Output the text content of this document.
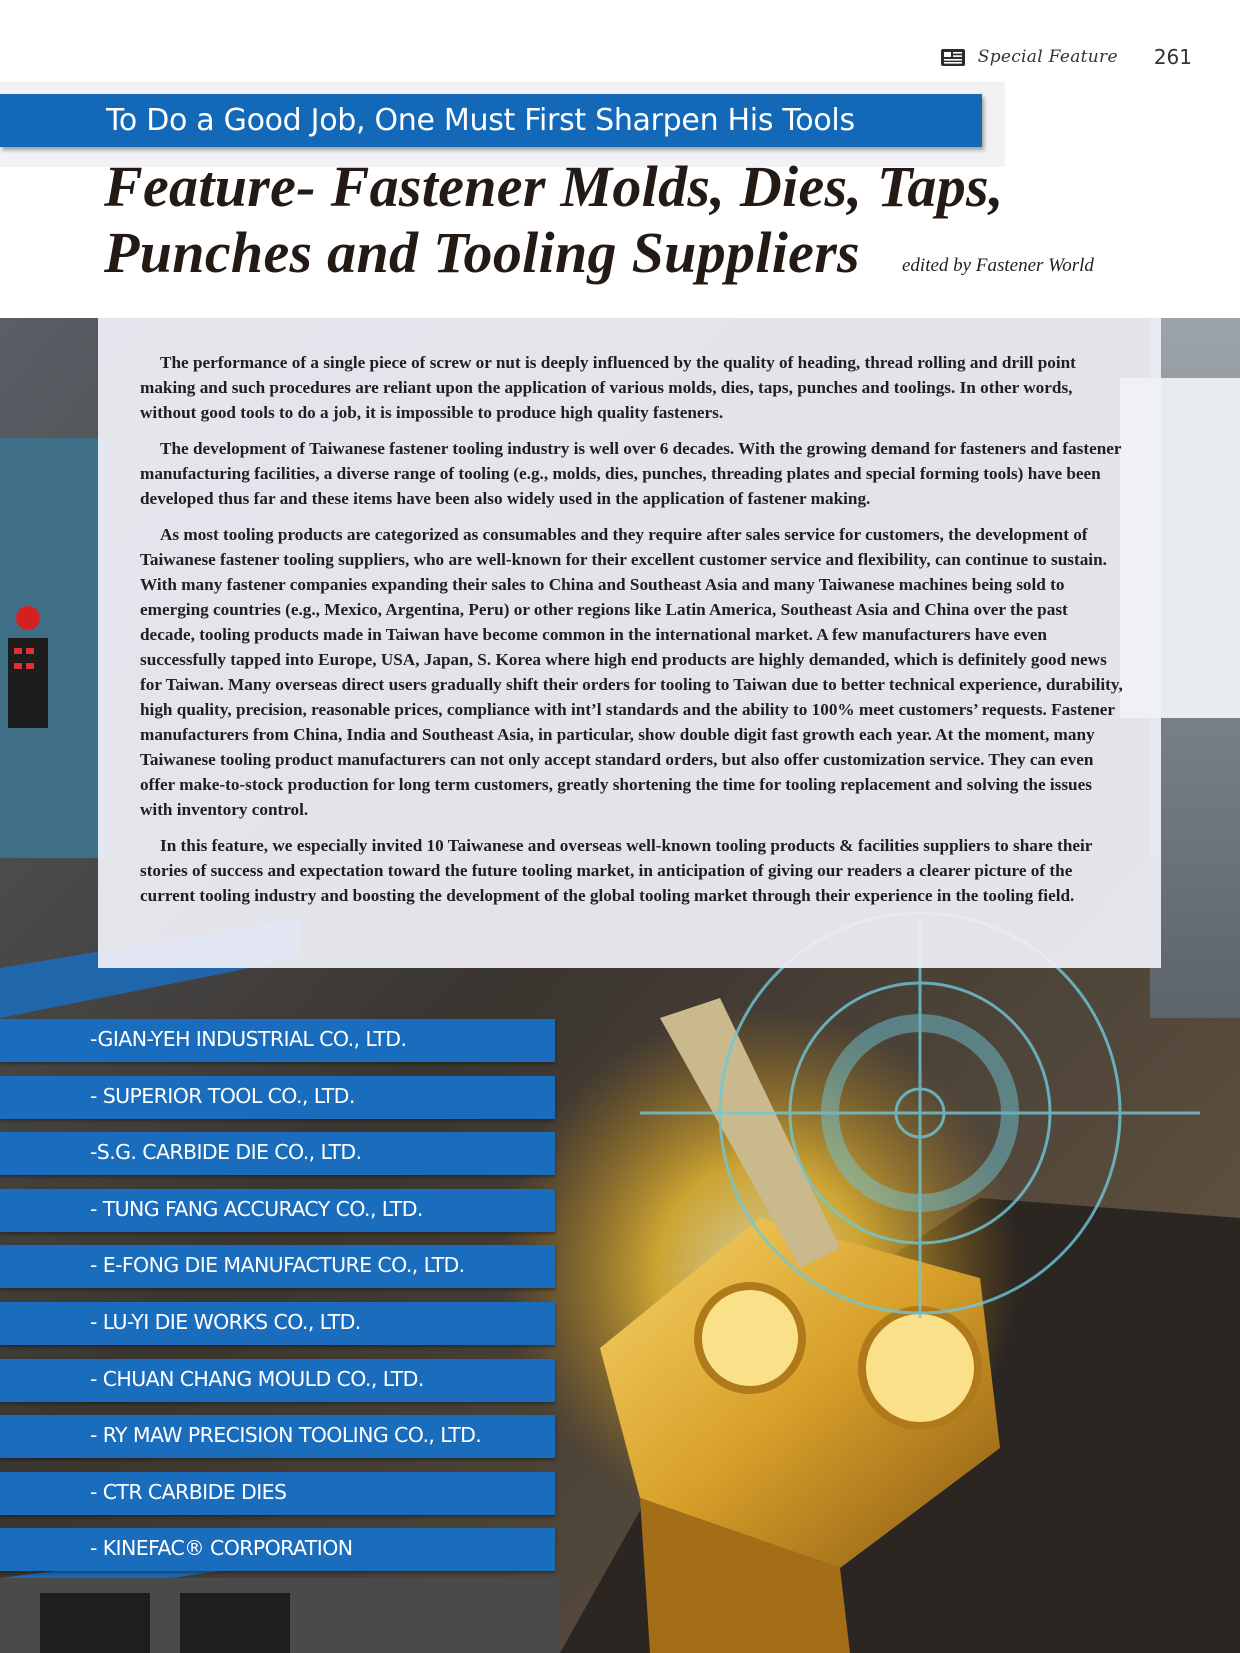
Special Feature 261
To Do a Good Job, One Must First Sharpen His Tools
Feature- Fastener Molds, Dies, Taps,
Punches and Tooling Suppliers	edited by Fastener World

The performance of a single piece of screw or nut is deeply influenced by the quality of heading, thread rolling and drill point making and such procedures are reliant upon the application of various molds, dies, taps, punches and toolings. In other words, without good tools to do a job, it is impossible to produce high quality fasteners.

The development of Taiwanese fastener tooling industry is well over 6 decades. With the growing demand for fasteners and fastener manufacturing facilities, a diverse range of tooling (e.g., molds, dies, punches, threading plates and special forming tools) have been developed thus far and these items have been also widely used in the application of fastener making.

As most tooling products are categorized as consumables and they require after sales service for customers, the development of Taiwanese fastener tooling suppliers, who are well-known for their excellent customer service and flexibility, can continue to sustain. With many fastener companies expanding their sales to China and Southeast Asia and many Taiwanese machines being sold to emerging countries (e.g., Mexico, Argentina, Peru) or other regions like Latin America, Southeast Asia and China over the past decade, tooling products made in Taiwan have become common in the international market. A few manufacturers have even successfully tapped into Europe, USA, Japan, S. Korea where high end products are highly demanded, which is definitely good news for Taiwan. Many overseas direct users gradually shift their orders for tooling to Taiwan due to better technical experience, durability, high quality, precision, reasonable prices, compliance with int’l standards and the ability to 100% meet customers’ requests. Fastener manufacturers from China, India and Southeast Asia, in particular, show double digit fast growth each year. At the moment, many Taiwanese tooling product manufacturers can not only accept standard orders, but also offer customization service. They can even offer make-to-stock production for long term customers, greatly shortening the time for tooling replacement and solving the issues with inventory control.

In this feature, we especially invited 10 Taiwanese and overseas well-known tooling products & facilities suppliers to share their stories of success and expectation toward the future tooling market, in anticipation of giving our readers a clearer picture of the current tooling industry and boosting the development of the global tooling market through their experience in the tooling field.

-GIAN-YEH INDUSTRIAL CO., LTD.
- SUPERIOR TOOL CO., LTD.
-S.G. CARBIDE DIE CO., LTD.
- TUNG FANG ACCURACY CO., LTD.
- E-FONG DIE MANUFACTURE CO., LTD.
- LU-YI DIE WORKS CO., LTD.
- CHUAN CHANG MOULD CO., LTD.
- RY MAW PRECISION TOOLING CO., LTD.
- CTR CARBIDE DIES
- KINEFAC® CORPORATION
